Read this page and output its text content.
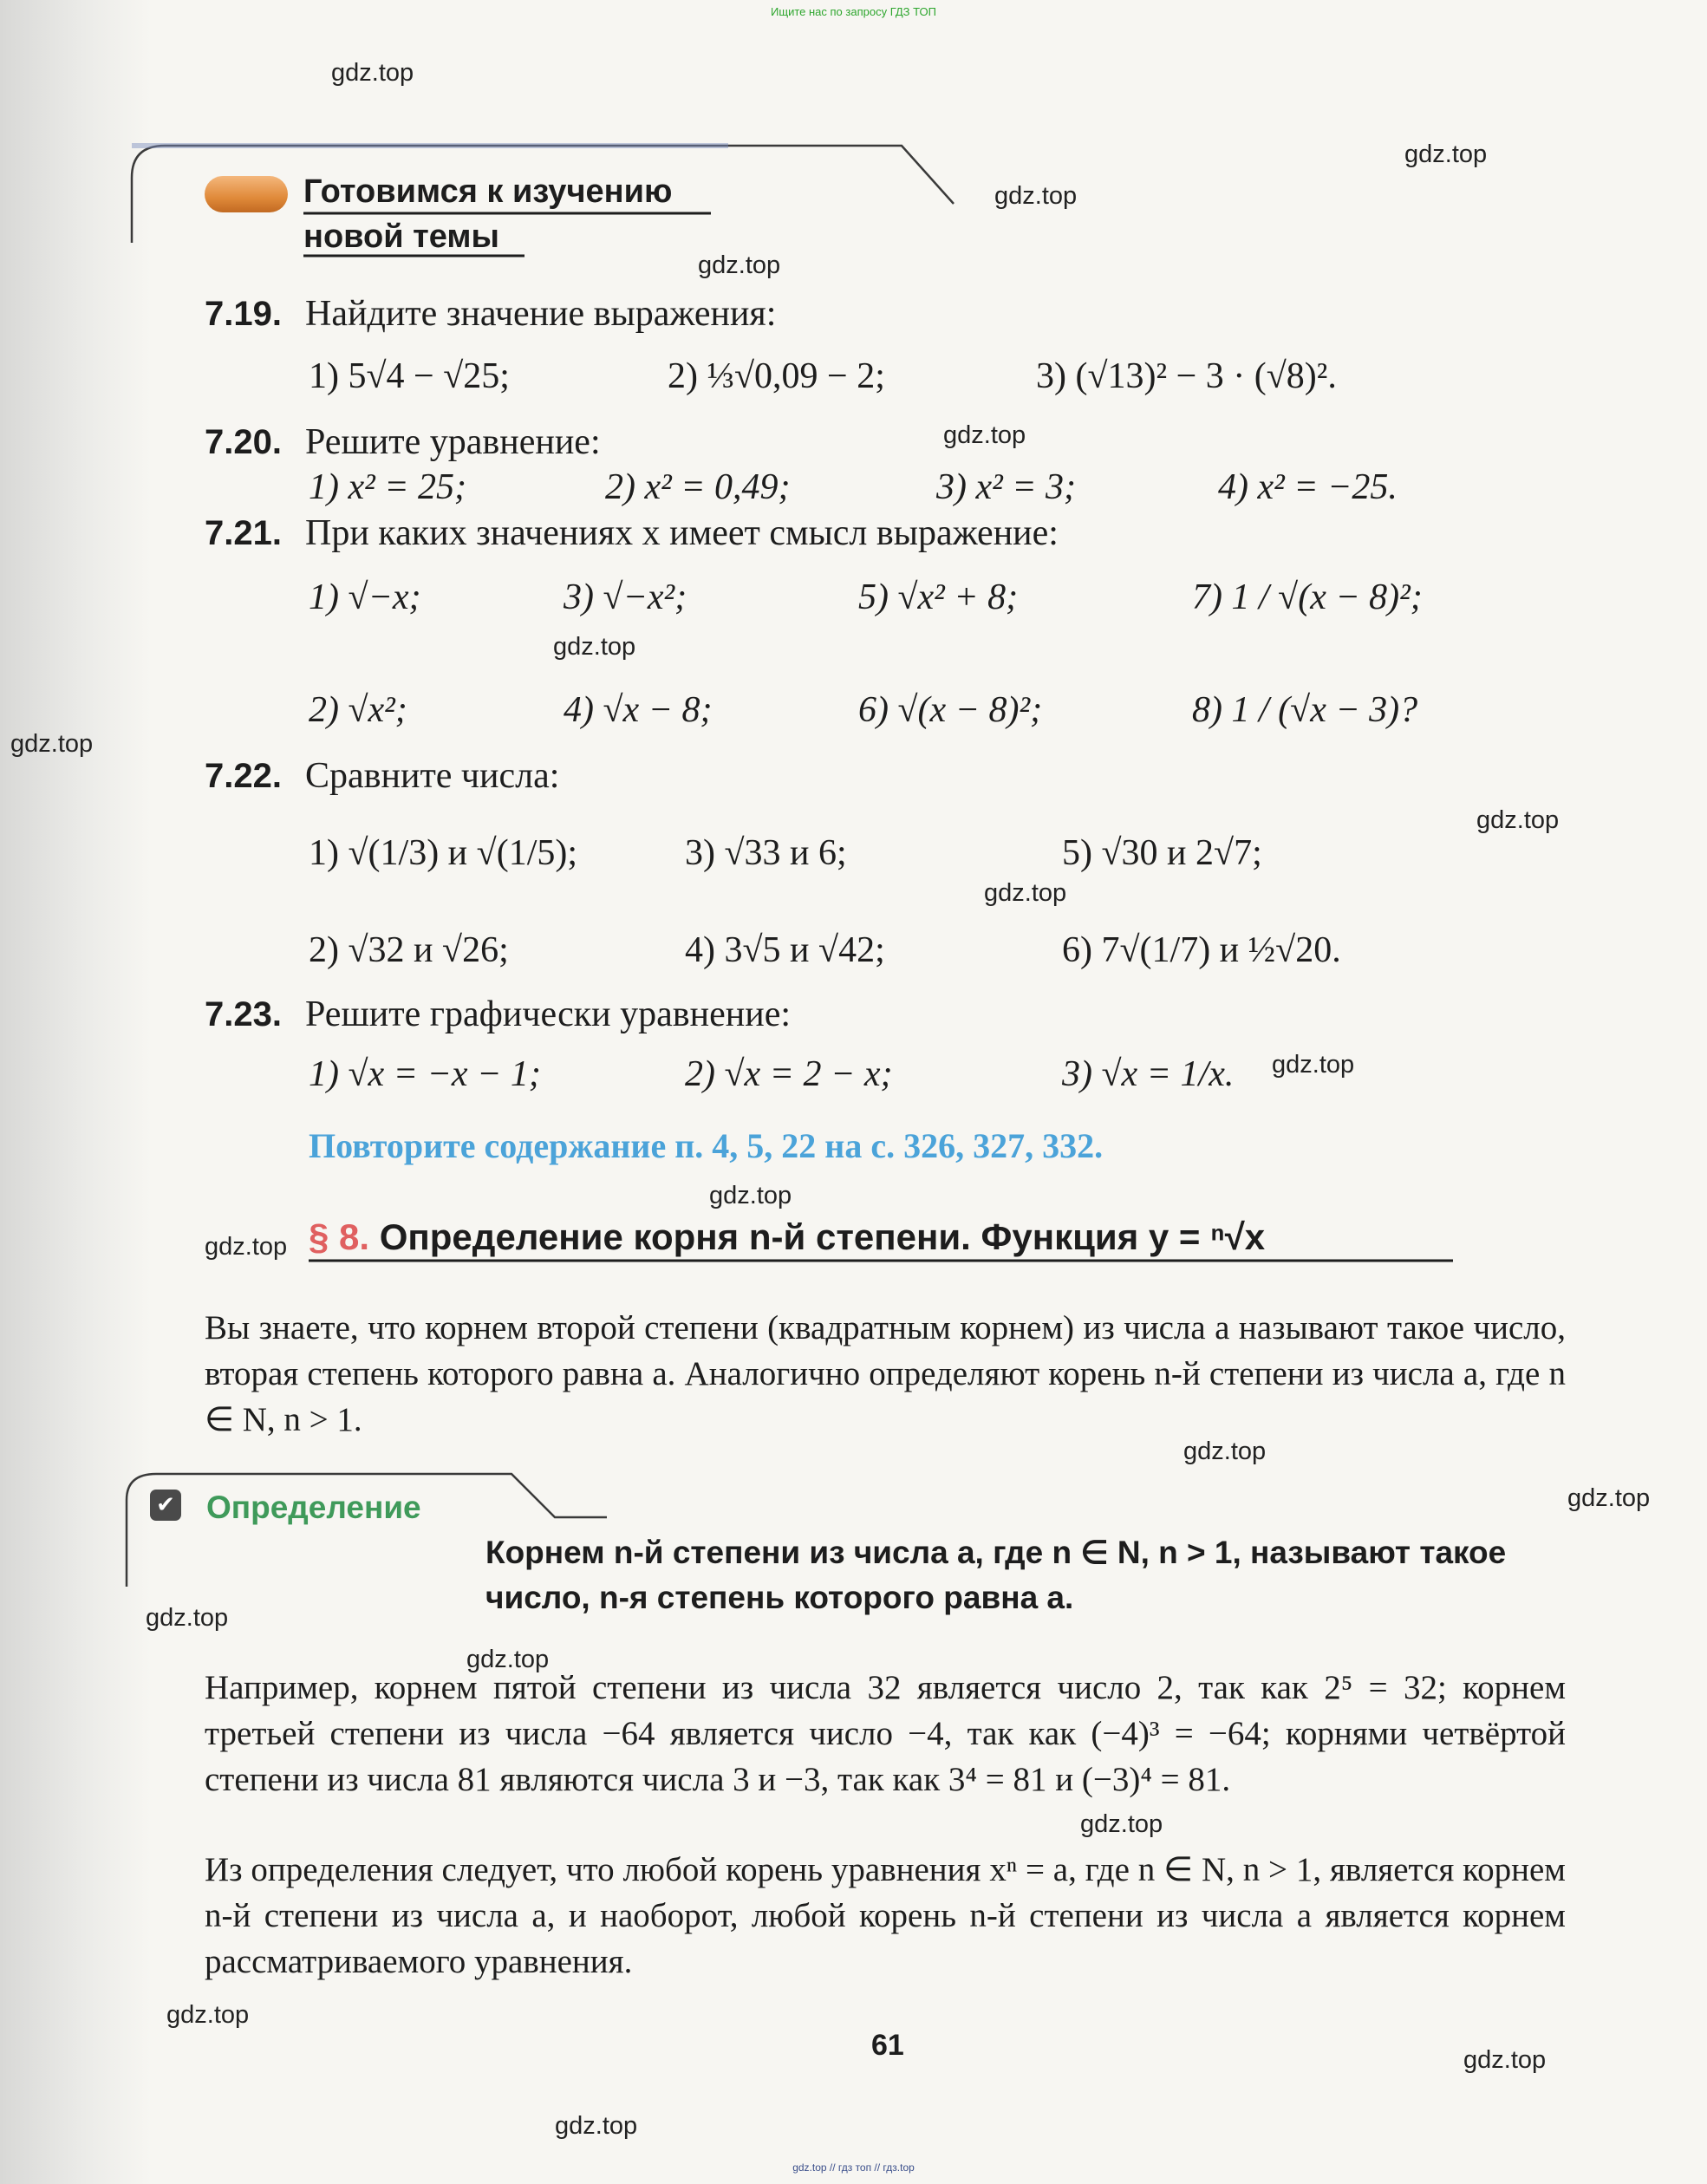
Ищите нас по запросу ГДЗ ТОП
Готовимся к изучению
новой темы
7.19. Найдите значение выражения:
1) 5√4 − √25;	2) ⅓√0,09 − 2;	3) (√13)² − 3 · (√8)².
7.20. Решите уравнение:
1) x² = 25;	2) x² = 0,49;	3) x² = 3;	4) x² = −25.
7.21. При каких значениях x имеет смысл выражение:
1) √−x;	3) √−x²;	5) √x² + 8;	7) 1 / √(x − 8)²;
2) √x²;	4) √x − 8;	6) √(x − 8)²;	8) 1 / (√x − 3)?
7.22. Сравните числа:
1) √(1/3) и √(1/5);	3) √33 и 6;	5) √30 и 2√7;
2) √32 и √26;	4) 3√5 и √42;	6) 7√(1/7) и ½√20.
7.23. Решите графически уравнение:
1) √x = −x − 1;	2) √x = 2 − x;	3) √x = 1/x.
Повторите содержание п. 4, 5, 22 на с. 326, 327, 332.
§ 8. Определение корня n-й степени. Функция y = ⁿ√x
Вы знаете, что корнем второй степени (квадратным корнем) из числа a называют такое число, вторая степень которого равна a. Аналогично определяют корень n-й степени из числа a, где n ∈ N, n > 1.
✔ Определение
Корнем n-й степени из числа a, где n ∈ N, n > 1, называют такое число, n-я степень которого равна a.
Например, корнем пятой степени из числа 32 является число 2, так как 2⁵ = 32; корнем третьей степени из числа −64 является число −4, так как (−4)³ = −64; корнями четвёртой степени из числа 81 являются числа 3 и −3, так как 3⁴ = 81 и (−3)⁴ = 81.
Из определения следует, что любой корень уравнения xⁿ = a, где n ∈ N, n > 1, является корнем n-й степени из числа a, и наоборот, любой корень n-й степени из числа a является корнем рассматриваемого уравнения.
61
gdz.top
gdz.top
gdz.top
gdz.top
gdz.top
gdz.top
gdz.top
gdz.top
gdz.top
gdz.top
gdz.top
gdz.top
gdz.top
gdz.top
gdz.top
gdz.top
gdz.top
gdz.top
gdz.top
gdz.top
gdz.top // гдз топ // гдз.top
